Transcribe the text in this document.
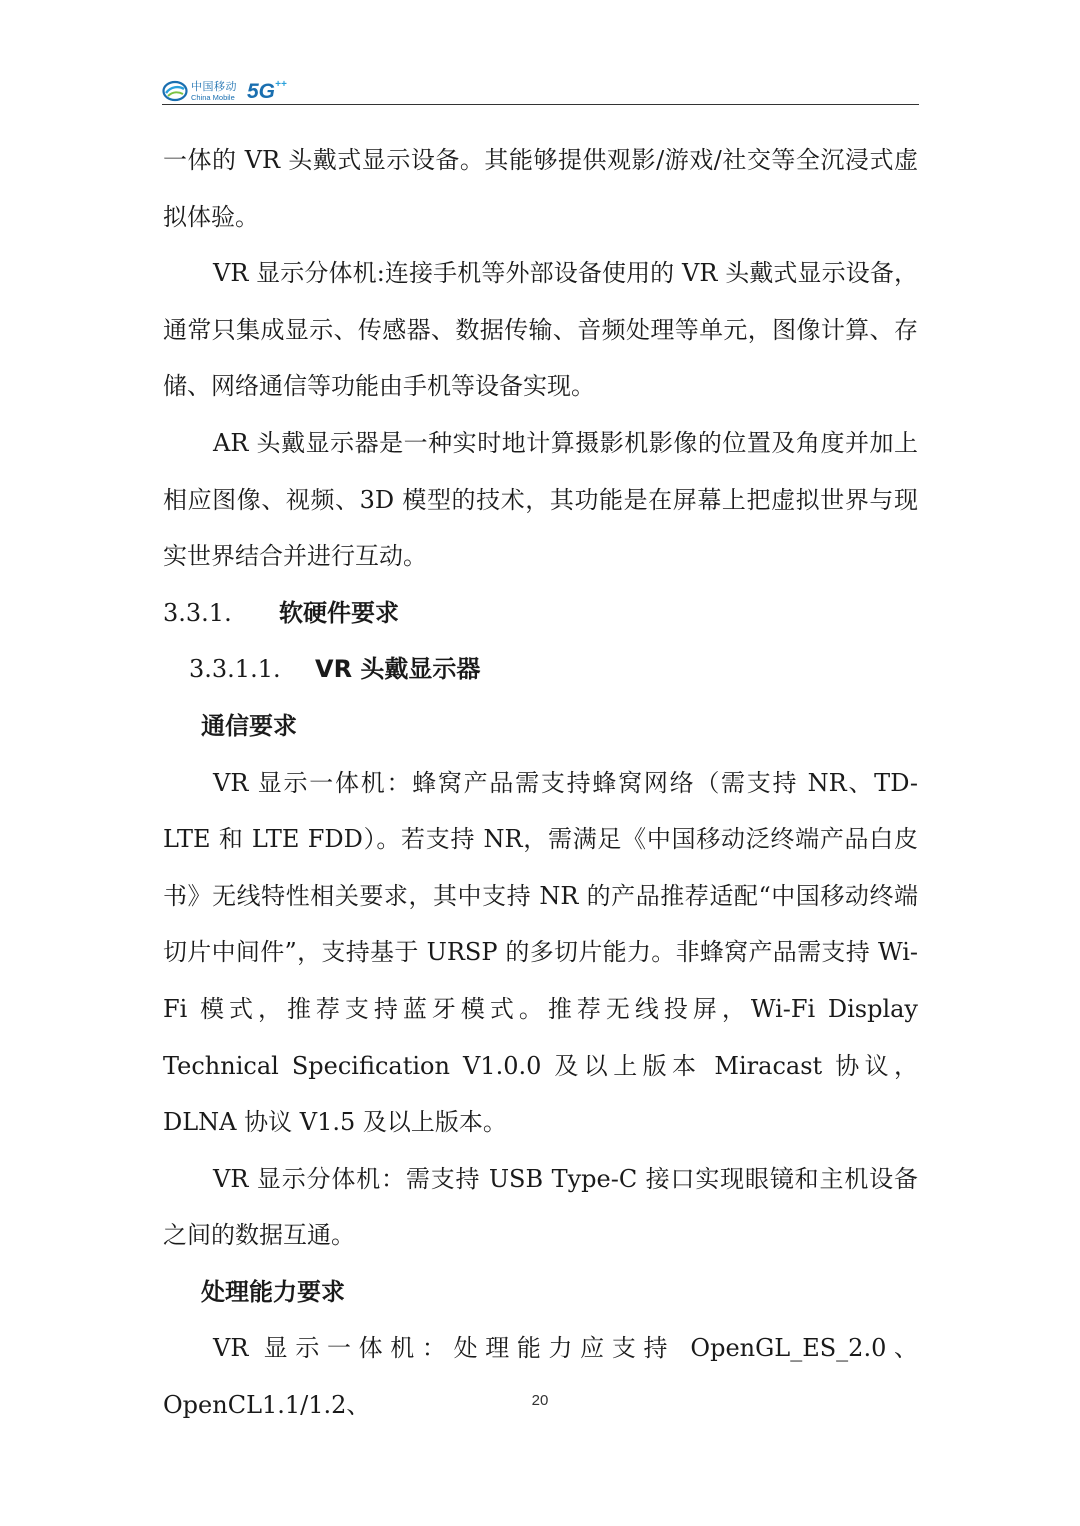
中国移动
China Mobile 5G++

一体的 VR 头戴式显示设备。其能够提供观影/游戏/社交等全沉浸式虚拟体验。

VR 显示分体机:连接手机等外部设备使用的 VR 头戴式显示设备，通常只集成显示、传感器、数据传输、音频处理等单元，图像计算、存储、网络通信等功能由手机等设备实现。

AR 头戴显示器是一种实时地计算摄影机影像的位置及角度并加上相应图像、视频、3D 模型的技术，其功能是在屏幕上把虚拟世界与现实世界结合并进行互动。

3.3.1.	软硬件要求
3.3.1.1.	VR 头戴显示器
通信要求

VR 显示一体机：蜂窝产品需支持蜂窝网络（需支持 NR、TD-LTE 和 LTE FDD）。若支持 NR，需满足《中国移动泛终端产品白皮书》无线特性相关要求，其中支持 NR 的产品推荐适配“中国移动终端切片中间件”，支持基于 URSP 的多切片能力。非蜂窝产品需支持 Wi-Fi 模式，推荐支持蓝牙模式。推荐无线投屏，Wi-Fi Display Technical Specification V1.0.0 及以上版本 Miracast 协议，DLNA 协议 V1.5 及以上版本。

VR 显示分体机：需支持 USB Type-C 接口实现眼镜和主机设备之间的数据互通。

处理能力要求

VR 显示一体机：处理能力应支持 OpenGL_ES_2.0、OpenCL1.1/1.2、	20
